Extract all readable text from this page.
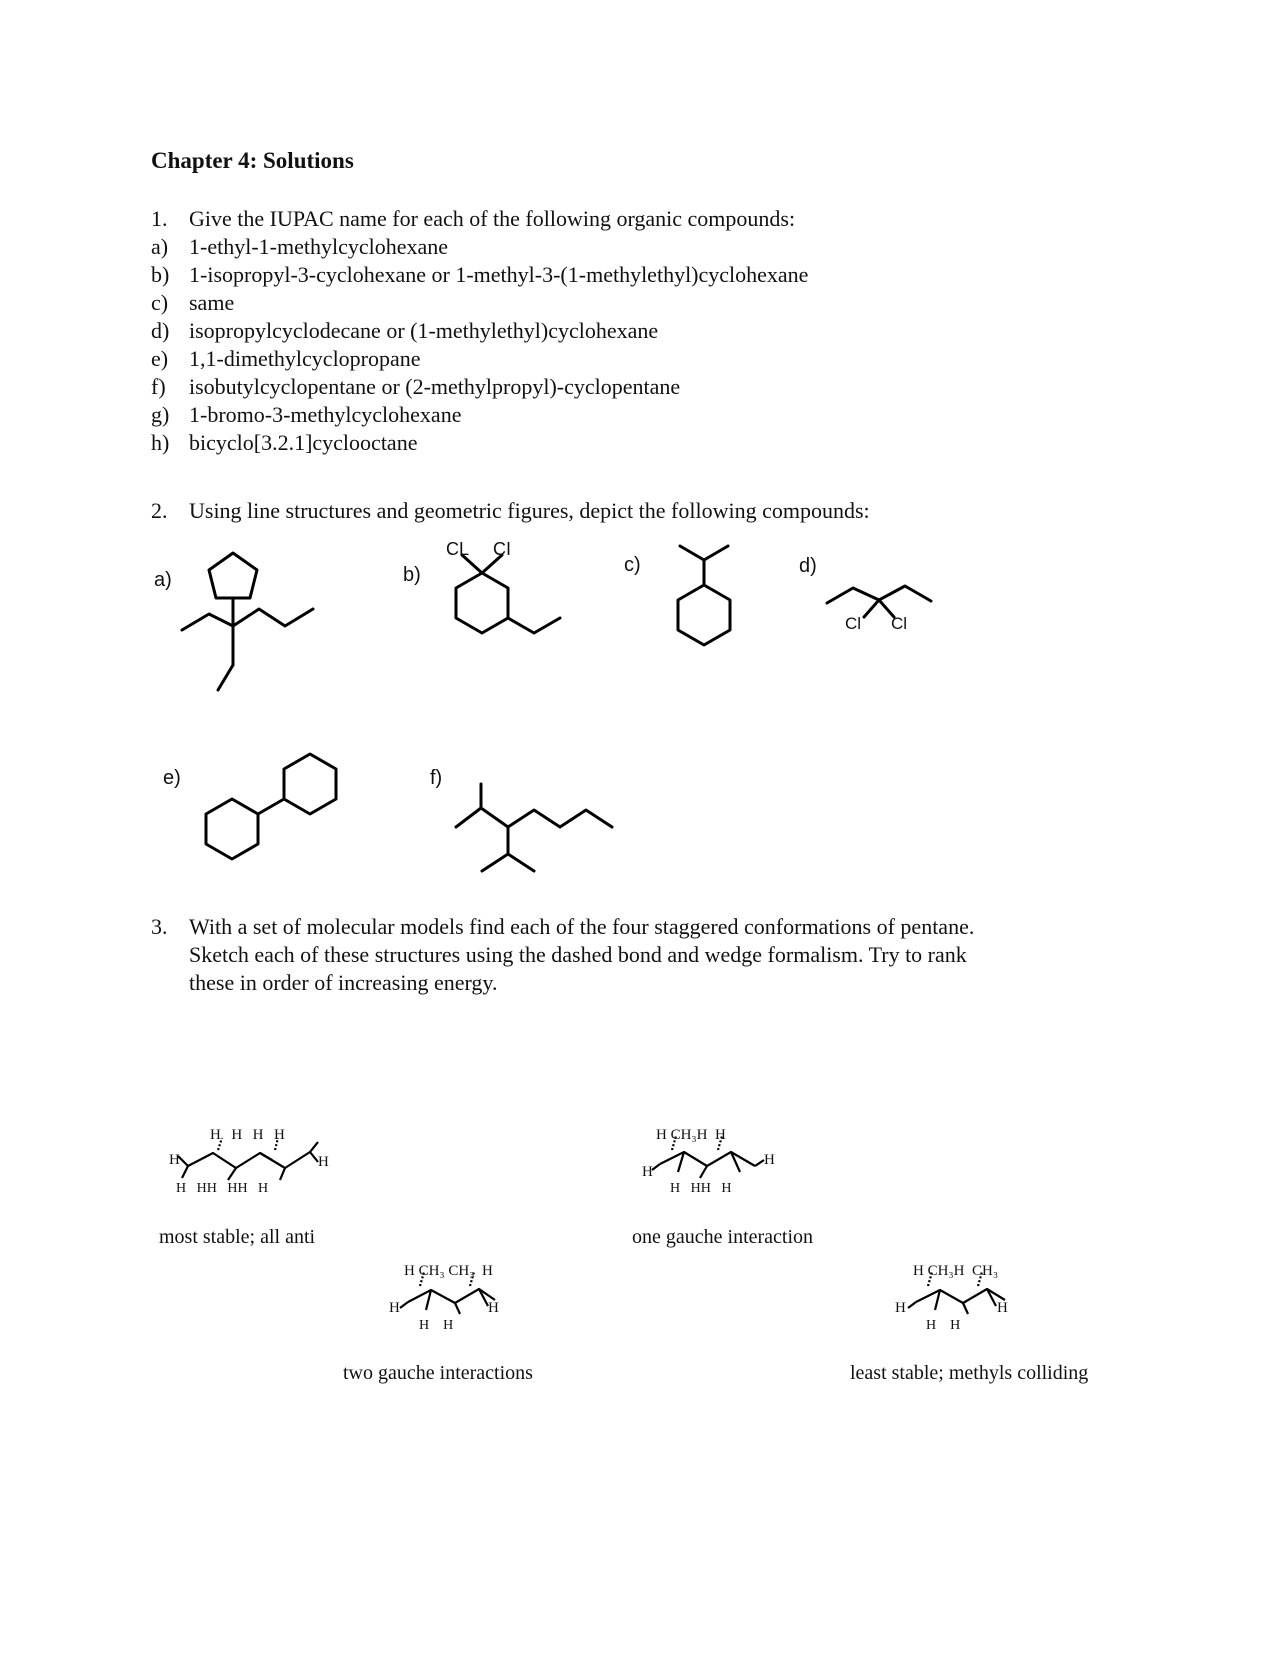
Chapter 4: Solutions
1. Give the IUPAC name for each of the following organic compounds:
a) 1-ethyl-1-methylcyclohexane
b) 1-isopropyl-3-cyclohexane or 1-methyl-3-(1-methylethyl)cyclohexane
c) same
d) isopropylcyclodecane or (1-methylethyl)cyclohexane
e) 1,1-dimethylcyclopropane
f) isobutylcyclopentane or (2-methylpropyl)-cyclopentane
g) 1-bromo-3-methylcyclohexane
h) bicyclo[3.2.1]cyclooctane
2. Using line structures and geometric figures, depict the following compounds:
a)	b)	c)	d)
e)	f)
CL CI
Cl Cl
3. With a set of molecular models find each of the four staggered conformations of pentane.
Sketch each of these structures using the dashed bond and wedge formalism. Try to rank
these in order of increasing energy.
H  H  H  H
H	H
H   HH   HH   H
most stable; all anti
H CH₃H  H
H
H
H   HH   H
one gauche interaction
H CH₃ CH₃  H
H	H
H    H
two gauche interactions
H CH₃H  CH₃
H	H
H    H
least stable; methyls colliding
